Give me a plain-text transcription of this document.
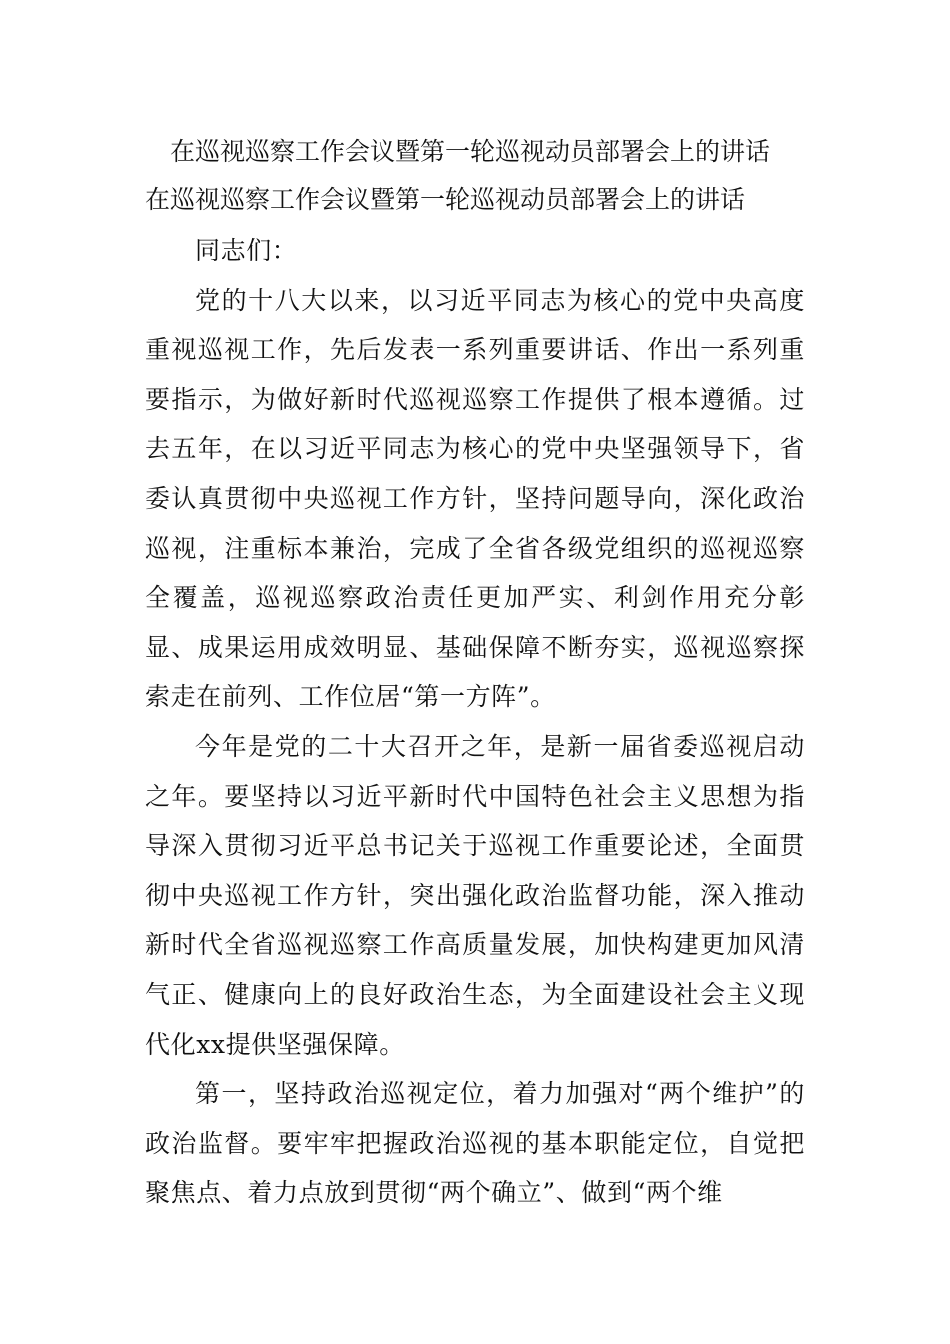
在巡视巡察工作会议暨第一轮巡视动员部署会上的讲话

在巡视巡察工作会议暨第一轮巡视动员部署会上的讲话

同志们：

党的十八大以来，以习近平同志为核心的党中央高度重视巡视工作，先后发表一系列重要讲话、作出一系列重要指示，为做好新时代巡视巡察工作提供了根本遵循。过去五年，在以习近平同志为核心的党中央坚强领导下，省委认真贯彻中央巡视工作方针，坚持问题导向，深化政治巡视，注重标本兼治，完成了全省各级党组织的巡视巡察全覆盖，巡视巡察政治责任更加严实、利剑作用充分彰显、成果运用成效明显、基础保障不断夯实，巡视巡察探索走在前列、工作位居“第一方阵”。

今年是党的二十大召开之年，是新一届省委巡视启动之年。要坚持以习近平新时代中国特色社会主义思想为指导深入贯彻习近平总书记关于巡视工作重要论述，全面贯彻中央巡视工作方针，突出强化政治监督功能，深入推动新时代全省巡视巡察工作高质量发展，加快构建更加风清气正、健康向上的良好政治生态，为全面建设社会主义现代化xx提供坚强保障。

第一，坚持政治巡视定位，着力加强对“两个维护”的政治监督。要牢牢把握政治巡视的基本职能定位，自觉把聚焦点、着力点放到贯彻“两个确立”、做到“两个维
